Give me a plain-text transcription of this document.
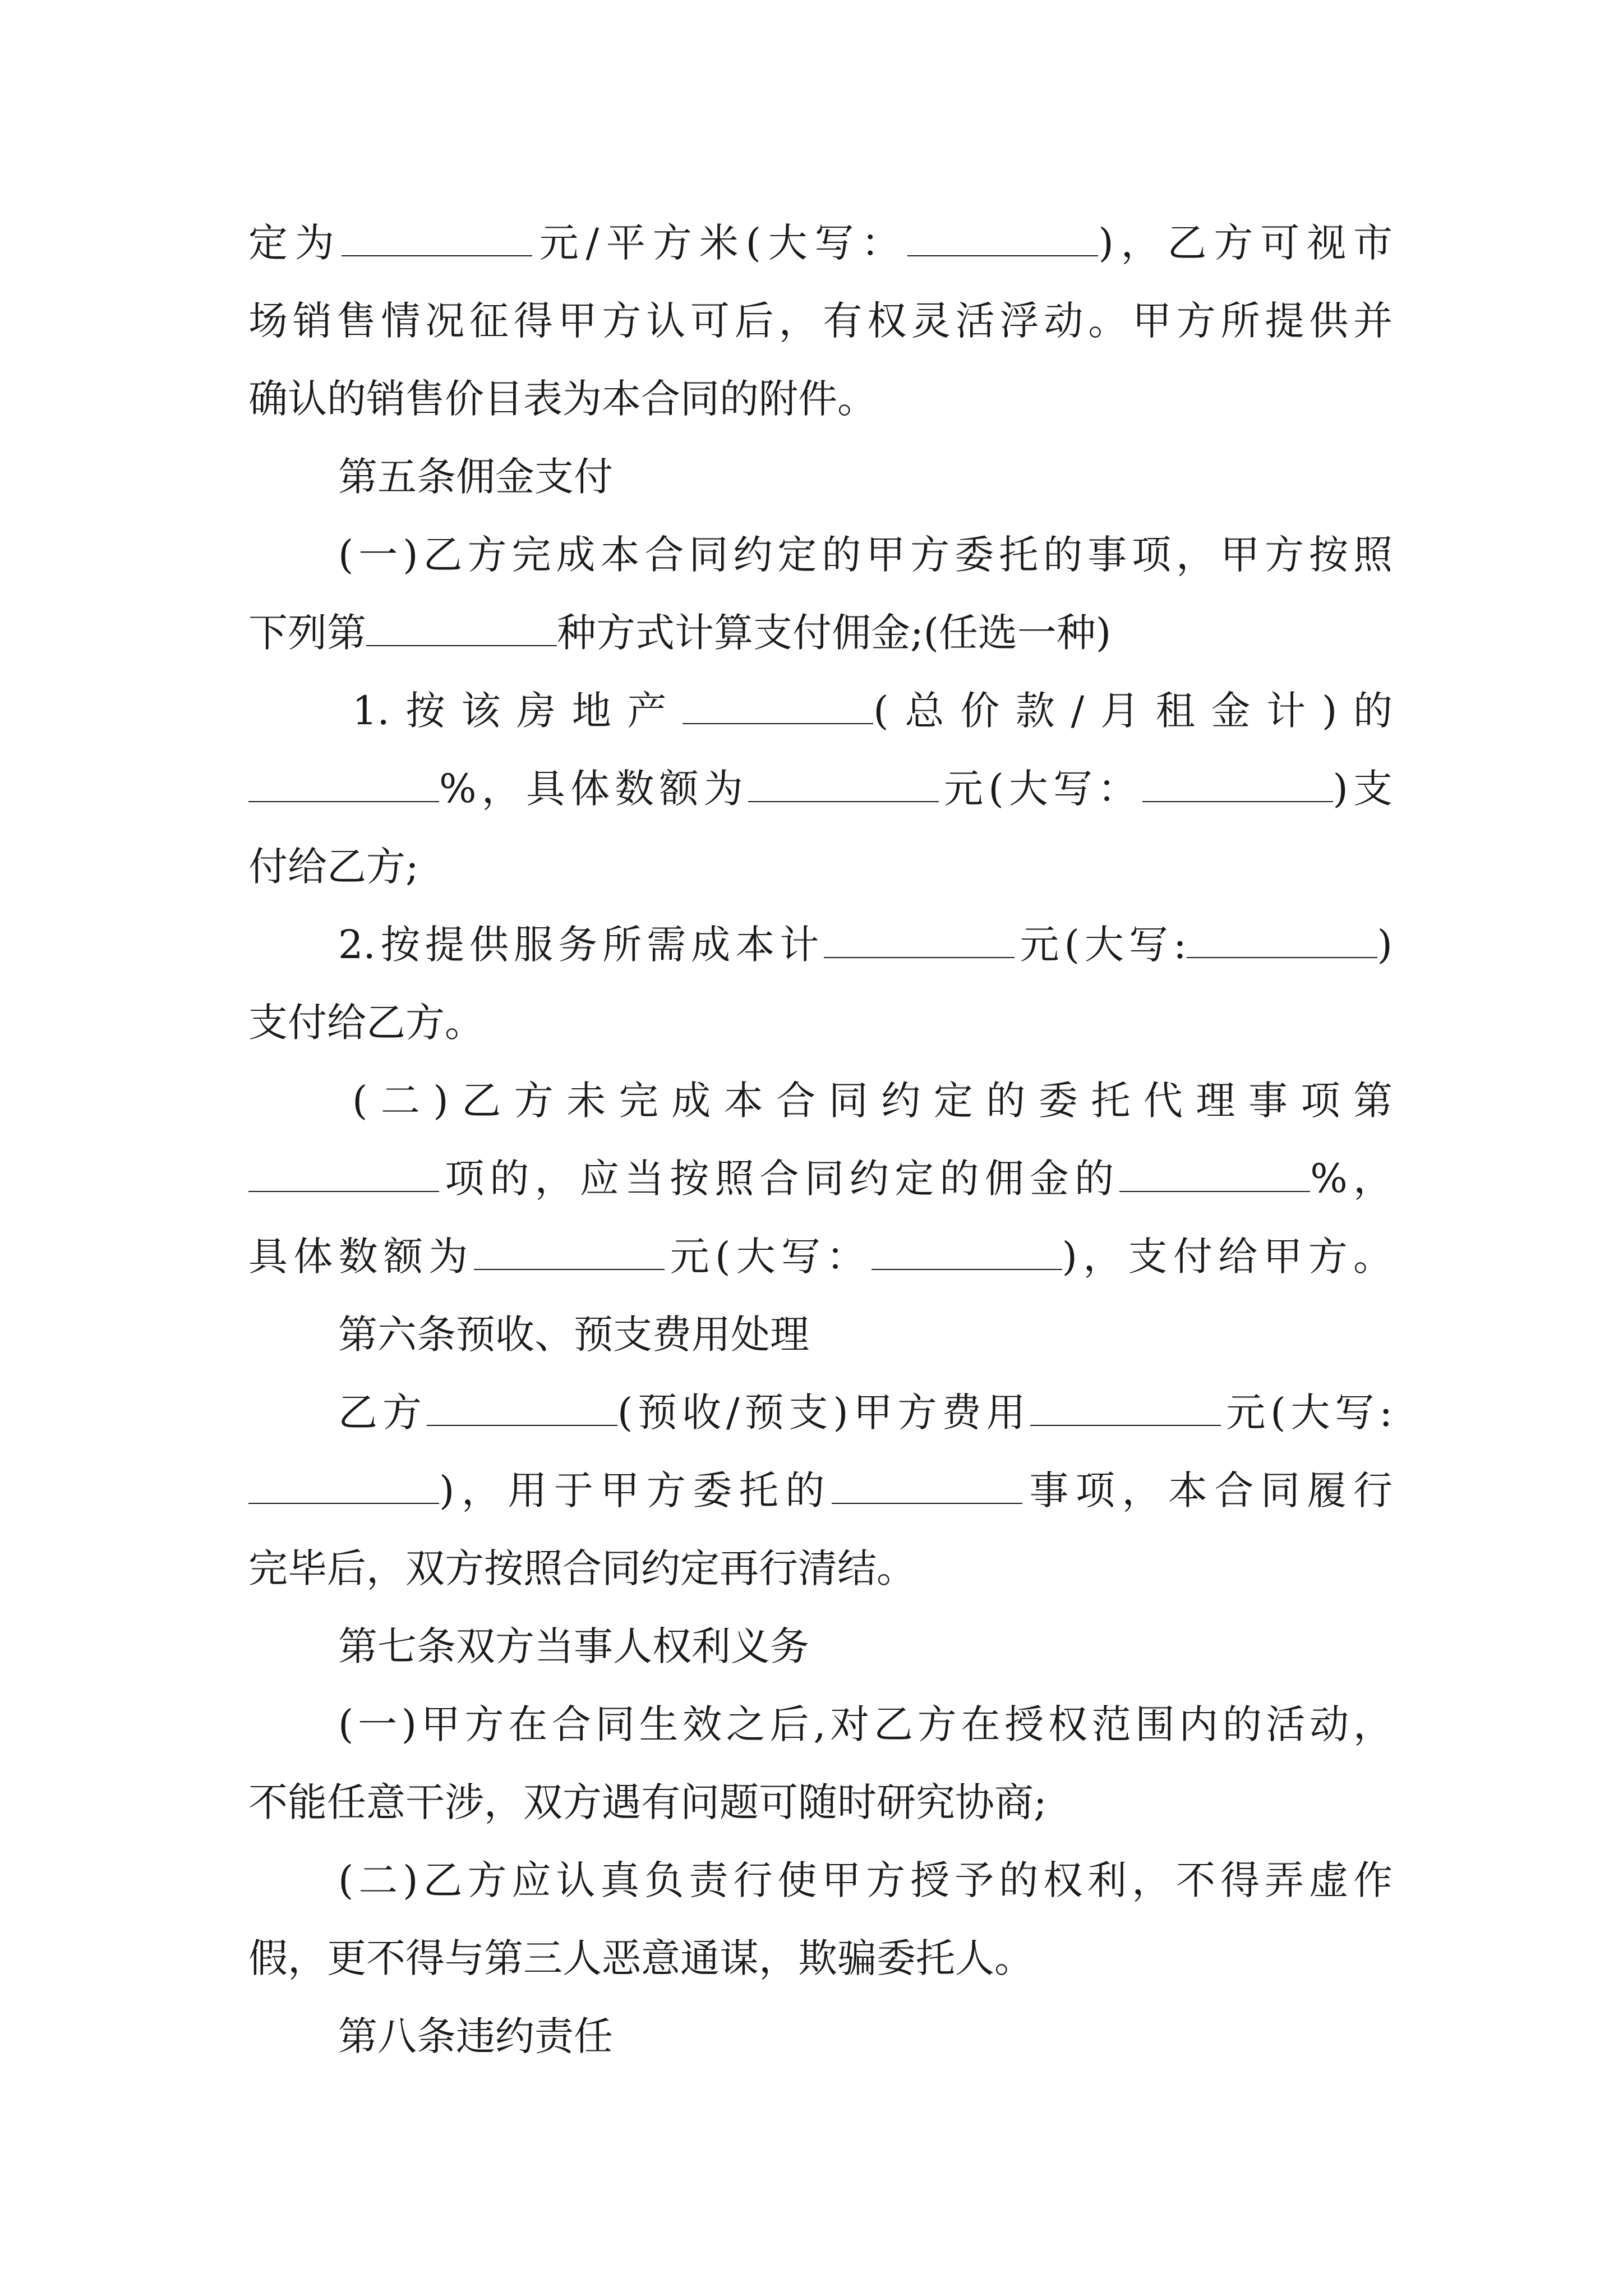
定为	元/平方米(大写：	)，乙方可视市
场销售情况征得甲方认可后，有权灵活浮动。甲方所提供并
确认的销售价目表为本合同的附件。
第五条佣金支付
(一)乙方完成本合同约定的甲方委托的事项，甲方按照
下列第	种方式计算支付佣金;(任选一种)
1.按该房地产	(总价款/月租金计)的
%，具体数额为	元(大写：	)支
付给乙方;
2.按提供服务所需成本计	元(大写:	)
支付给乙方。
(二)乙方未完成本合同约定的委托代理事项第
项的，应当按照合同约定的佣金的	%，
具体数额为	元(大写：	)，支付给甲方。
第六条预收、预支费用处理
乙方	(预收/预支)甲方费用	元(大写:
)，用于甲方委托的	事项，本合同履行
完毕后，双方按照合同约定再行清结。
第七条双方当事人权利义务
(一)甲方在合同生效之后,对乙方在授权范围内的活动，
不能任意干涉，双方遇有问题可随时研究协商;
(二)乙方应认真负责行使甲方授予的权利，不得弄虚作
假，更不得与第三人恶意通谋，欺骗委托人。
第八条违约责任
